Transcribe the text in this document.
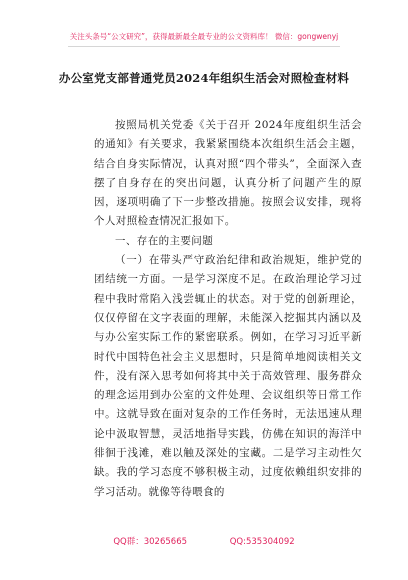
关注头条号“公文研究”，获得最新最全最专业的公文资料库！ 微信：gongwenyj
办公室党支部普通党员2024年组织生活会对照检查材料

按照局机关党委《关于召开 2024年度组织生活会的通知》有关要求，我紧紧围绕本次组织生活会主题，结合自身实际情况，认真对照“四个带头”，全面深入查摆了自身存在的突出问题，认真分析了问题产生的原因，逐项明确了下一步整改措施。按照会议安排，现将个人对照检查情况汇报如下。

一、存在的主要问题

（一）在带头严守政治纪律和政治规矩，维护党的团结统一方面。一是学习深度不足。在政治理论学习过程中我时常陷入浅尝辄止的状态。对于党的创新理论，仅仅停留在文字表面的理解，未能深入挖掘其内涵以及与办公室实际工作的紧密联系。例如，在学习习近平新时代中国特色社会主义思想时，只是简单地阅读相关文件，没有深入思考如何将其中关于高效管理、服务群众的理念运用到办公室的文件处理、会议组织等日常工作中。这就导致在面对复杂的工作任务时，无法迅速从理论中汲取智慧，灵活地指导实践，仿佛在知识的海洋中徘徊于浅滩，难以触及深处的宝藏。二是学习主动性欠缺。我的学习态度不够积极主动，过度依赖组织安排的学习活动。就像等待喂食的

QQ群：30265665	QQ:535304092
